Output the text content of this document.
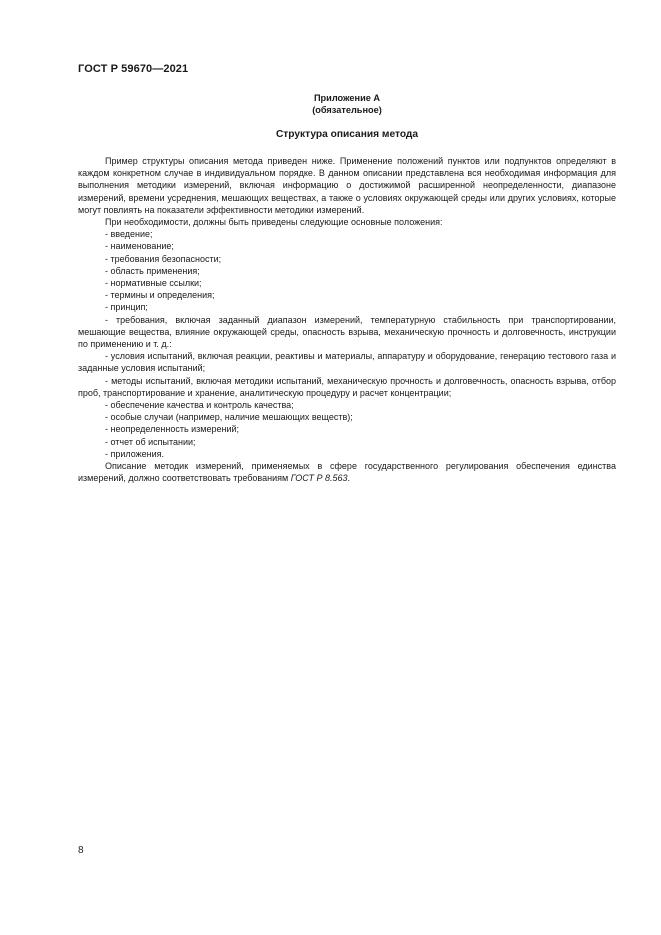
ГОСТ Р 59670—2021
Приложение А
(обязательное)
Структура описания метода

Пример структуры описания метода приведен ниже. Применение положений пунктов или подпунктов определяют в каждом конкретном случае в индивидуальном порядке. В данном описании представлена вся необходимая информация для выполнения методики измерений, включая информацию о достижимой расширенной неопределенности, диапазоне измерений, времени усреднения, мешающих веществах, а также о условиях окружающей среды или других условиях, которые могут повлиять на показатели эффективности методики измерений.

При необходимости, должны быть приведены следующие основные положения:

- введение;

- наименование;

- требования безопасности;

- область применения;

- нормативные ссылки;

- термины и определения;

- принцип;

- требования, включая заданный диапазон измерений, температурную стабильность при транспортировании, мешающие вещества, влияние окружающей среды, опасность взрыва, механическую прочность и долговечность, инструкции по применению и т. д.:

- условия испытаний, включая реакции, реактивы и материалы, аппаратуру и оборудование, генерацию тестового газа и заданные условия испытаний;

- методы испытаний, включая методики испытаний, механическую прочность и долговечность, опасность взрыва, отбор проб, транспортирование и хранение, аналитическую процедуру и расчет концентрации;

- обеспечение качества и контроль качества;

- особые случаи (например, наличие мешающих веществ);

- неопределенность измерений;

- отчет об испытании;

- приложения.

Описание методик измерений, применяемых в сфере государственного регулирования обеспечения единства измерений, должно соответствовать требованиям ГОСТ Р 8.563.

8
